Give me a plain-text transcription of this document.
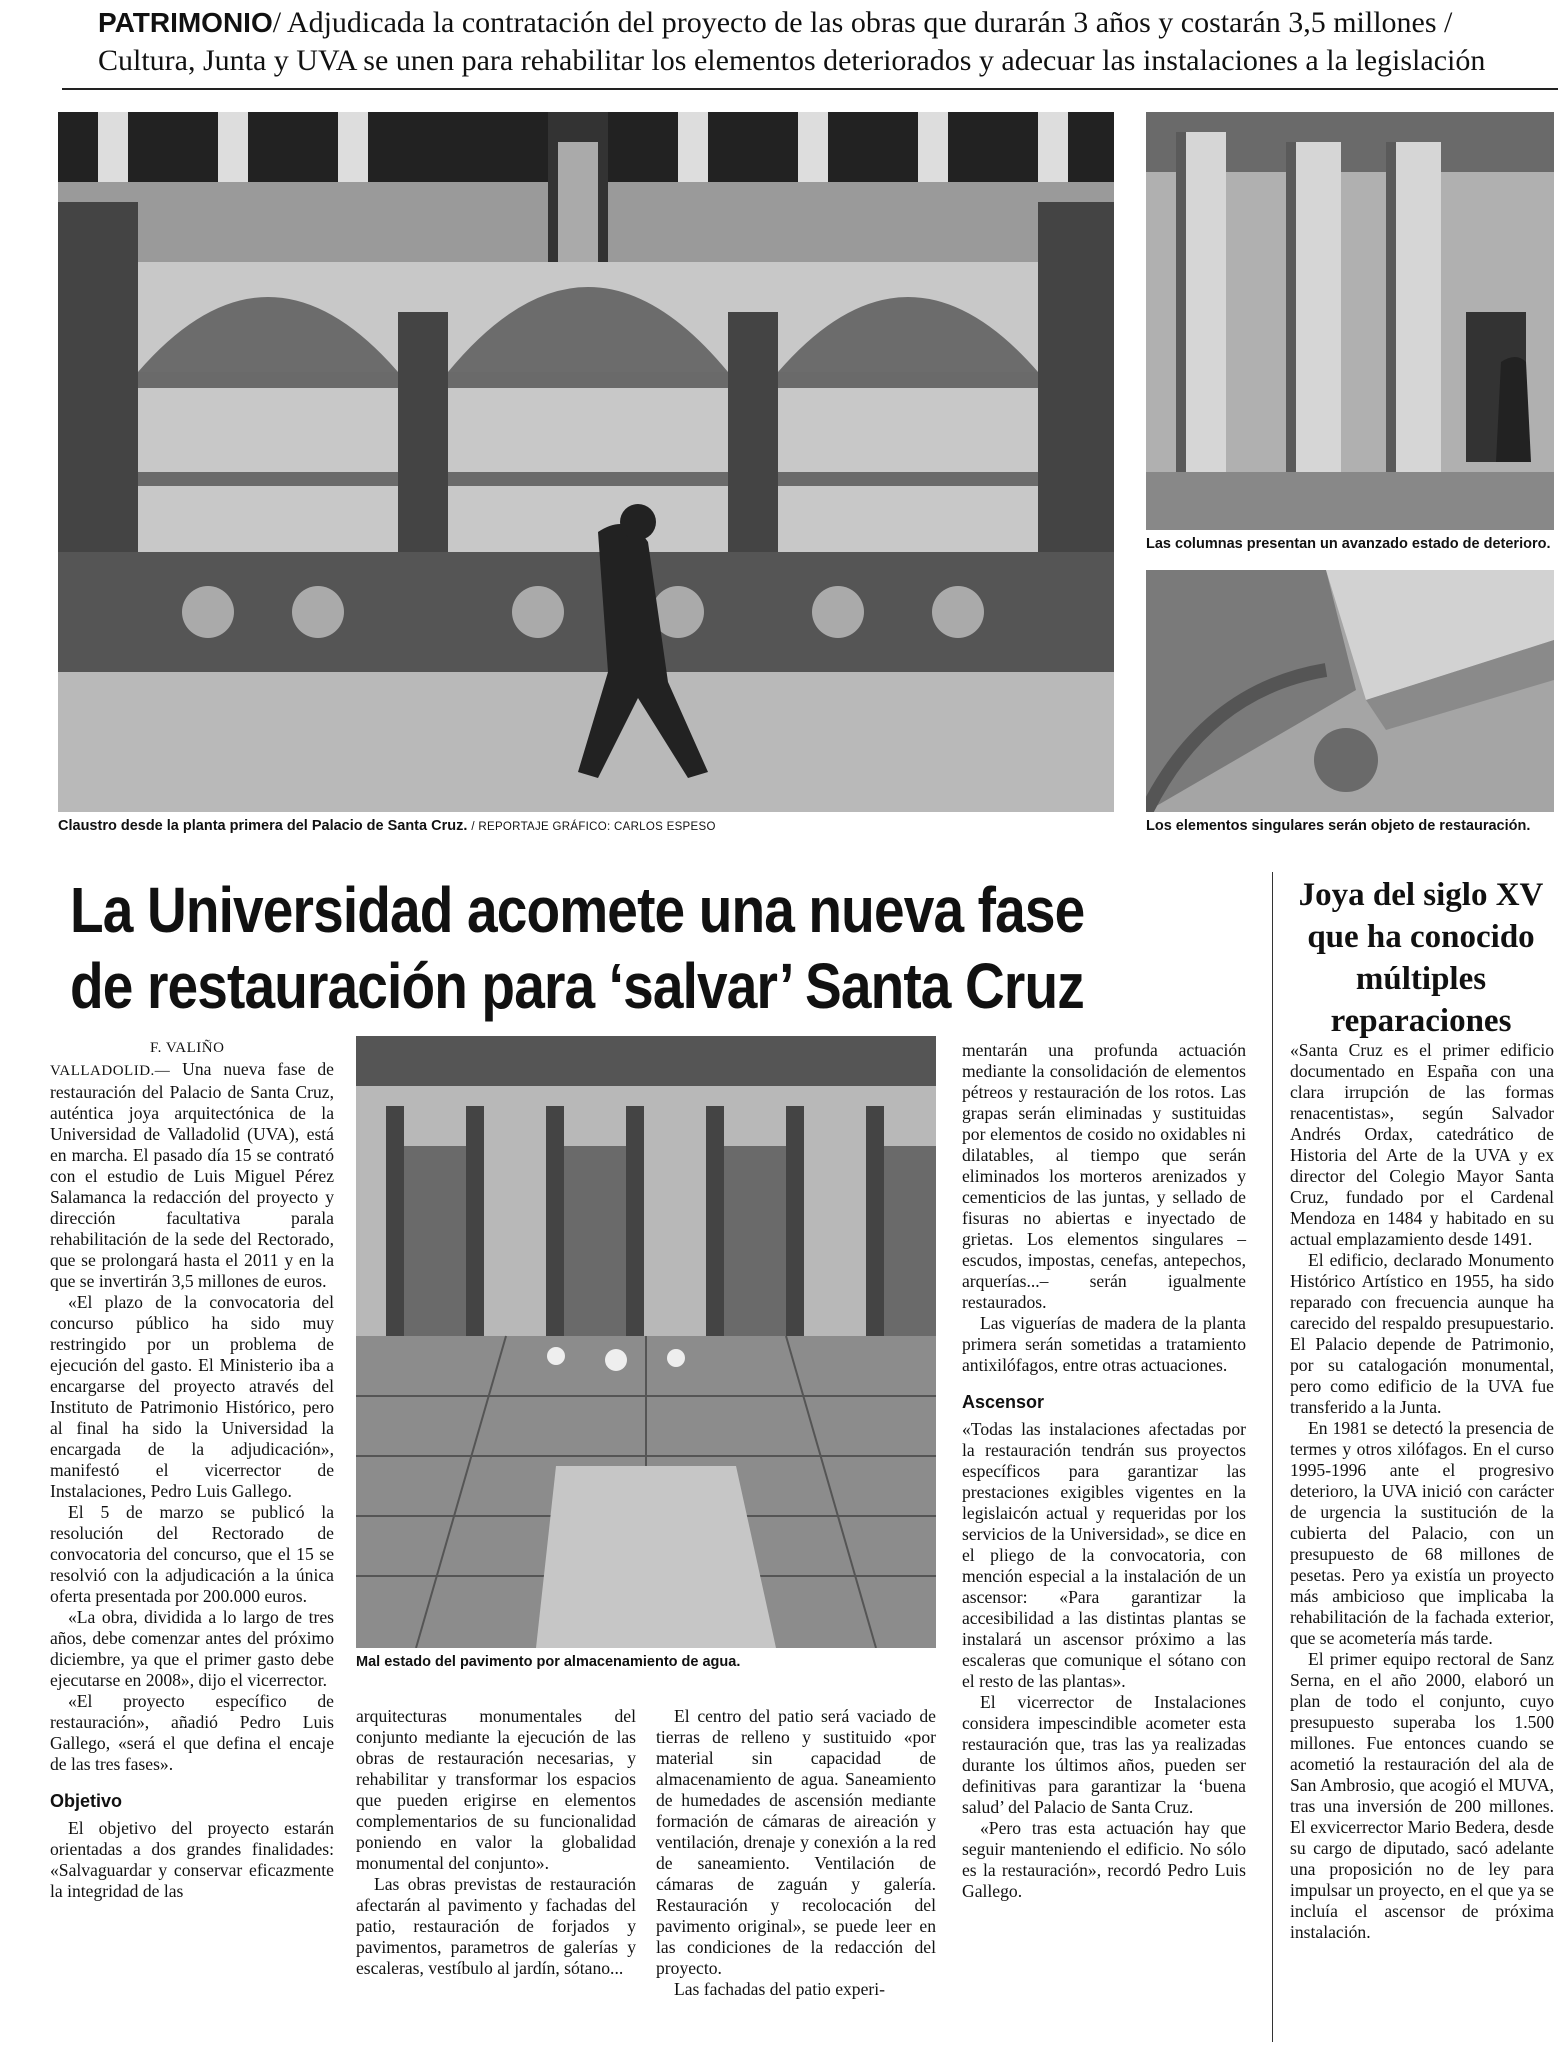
PATRIMONIO/ Adjudicada la contratación del proyecto de las obras que durarán 3 años y costarán 3,5 millones /
Cultura, Junta y UVA se unen para rehabilitar los elementos deteriorados y adecuar las instalaciones a la legislación
Claustro desde la planta primera del Palacio de Santa Cruz. / REPORTAJE GRÁFICO: CARLOS ESPESO
Las columnas presentan un avanzado estado de deterioro.
Los elementos singulares serán objeto de restauración.
La Universidad acomete una nueva fase
de restauración para ‘salvar’ Santa Cruz
Joya del siglo XV que ha conocido múltiples reparaciones
Mal estado del pavimento por almacenamiento de agua.

F. VALIÑO

VALLADOLID.— Una nueva fase de restauración del Palacio de Santa Cruz, auténtica joya arquitectónica de la Universidad de Valladolid (UVA), está en marcha. El pasado día 15 se contrató con el estudio de Luis Miguel Pérez Salamanca la redacción del proyecto y dirección facultativa parala rehabilitación de la sede del Rectorado, que se prolongará hasta el 2011 y en la que se invertirán 3,5 millones de euros.

«El plazo de la convocatoria del concurso público ha sido muy restringido por un problema de ejecución del gasto. El Ministerio iba a encargarse del proyecto através del Instituto de Patrimonio Histórico, pero al final ha sido la Universidad la encargada de la adjudicación», manifestó el vicerrector de Instalaciones, Pedro Luis Gallego.

El 5 de marzo se publicó la resolución del Rectorado de convocatoria del concurso, que el 15 se resolvió con la adjudicación a la única oferta presentada por 200.000 euros.

«La obra, dividida a lo largo de tres años, debe comenzar antes del próximo diciembre, ya que el primer gasto debe ejecutarse en 2008», dijo el vicerrector.

«El proyecto específico de restauración», añadió Pedro Luis Gallego, «será el que defina el encaje de las tres fases».

Objetivo

El objetivo del proyecto estarán orientadas a dos grandes finalidades: «Salvaguardar y conservar eficazmente la integridad de las

arquitecturas monumentales del conjunto mediante la ejecución de las obras de restauración necesarias, y rehabilitar y transformar los espacios que pueden erigirse en elementos complementarios de su funcionalidad poniendo en valor la globalidad monumental del conjunto».

Las obras previstas de restauración afectarán al pavimento y fachadas del patio, restauración de forjados y pavimentos, parametros de galerías y escaleras, vestíbulo al jardín, sótano...

El centro del patio será vaciado de tierras de relleno y sustituido «por material sin capacidad de almacenamiento de agua. Saneamiento de humedades de ascensión mediante formación de cámaras de aireación y ventilación, drenaje y conexión a la red de saneamiento. Ventilación de cámaras de zaguán y galería. Restauración y recolocación del pavimento original», se puede leer en las condiciones de la redacción del proyecto.

Las fachadas del patio experi-

mentarán una profunda actuación mediante la consolidación de elementos pétreos y restauración de los rotos. Las grapas serán eliminadas y sustituidas por elementos de cosido no oxidables ni dilatables, al tiempo que serán eliminados los morteros arenizados y cementicios de las juntas, y sellado de fisuras no abiertas e inyectado de grietas. Los elementos singulares –escudos, impostas, cenefas, antepechos, arquerías...– serán igualmente restaurados.

Las viguerías de madera de la planta primera serán sometidas a tratamiento antixilófagos, entre otras actuaciones.

Ascensor

«Todas las instalaciones afectadas por la restauración tendrán sus proyectos específicos para garantizar las prestaciones exigibles vigentes en la legislaicón actual y requeridas por los servicios de la Universidad», se dice en el pliego de la convocatoria, con mención especial a la instalación de un ascensor: «Para garantizar la accesibilidad a las distintas plantas se instalará un ascensor próximo a las escaleras que comunique el sótano con el resto de las plantas».

El vicerrector de Instalaciones considera impescindible acometer esta restauración que, tras las ya realizadas durante los últimos años, pueden ser definitivas para garantizar la ‘buena salud’ del Palacio de Santa Cruz.

«Pero tras esta actuación hay que seguir manteniendo el edificio. No sólo es la restauración», recordó Pedro Luis Gallego.

«Santa Cruz es el primer edificio documentado en España con una clara irrupción de las formas renacentistas», según Salvador Andrés Ordax, catedrático de Historia del Arte de la UVA y ex director del Colegio Mayor Santa Cruz, fundado por el Cardenal Mendoza en 1484 y habitado en su actual emplazamiento desde 1491.

El edificio, declarado Monumento Histórico Artístico en 1955, ha sido reparado con frecuencia aunque ha carecido del respaldo presupuestario. El Palacio depende de Patrimonio, por su catalogación monumental, pero como edificio de la UVA fue transferido a la Junta.

En 1981 se detectó la presencia de termes y otros xilófagos. En el curso 1995-1996 ante el progresivo deterioro, la UVA inició con carácter de urgencia la sustitución de la cubierta del Palacio, con un presupuesto de 68 millones de pesetas. Pero ya existía un proyecto más ambicioso que implicaba la rehabilitación de la fachada exterior, que se acometería más tarde.

El primer equipo rectoral de Sanz Serna, en el año 2000, elaboró un plan de todo el conjunto, cuyo presupuesto superaba los 1.500 millones. Fue entonces cuando se acometió la restauración del ala de San Ambrosio, que acogió el MUVA, tras una inversión de 200 millones. El exvicerrector Mario Bedera, desde su cargo de diputado, sacó adelante una proposición no de ley para impulsar un proyecto, en el que ya se incluía el ascensor de próxima instalación.
